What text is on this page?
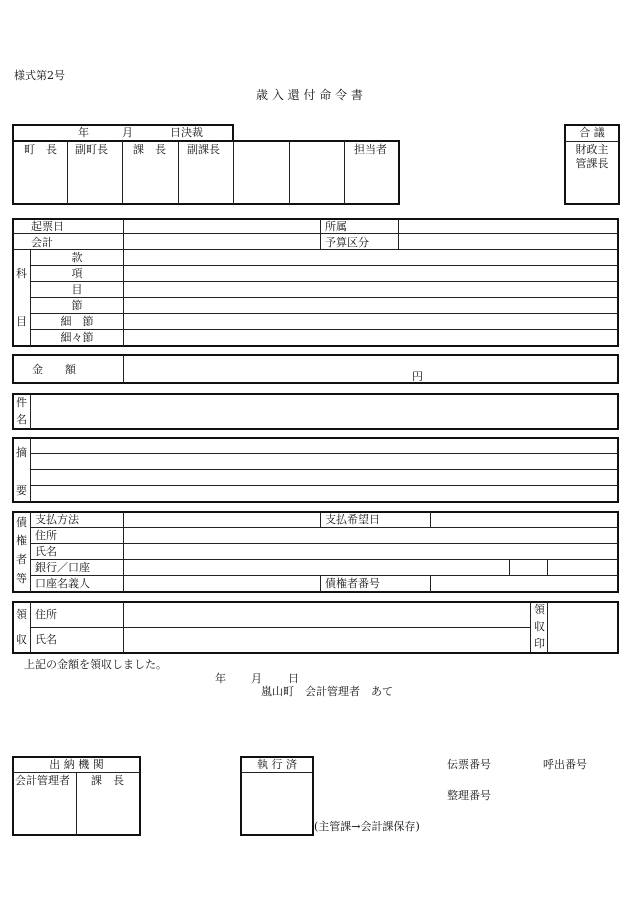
様式第2号
歳 入 還 付 命 令 書
年	月	日決裁
町　長 副町長 課　長 副課長	担当者
合 議
財政主
管課長
起票日	所属
会計	予算区分
科
目
款
項
目
節
細　節
細々節
金　　額
円
件
名
摘
要
債
権
者
等
支払方法	支払希望日
住所
氏名
銀行／口座
口座名義人	債権者番号
領
収
住所
氏名
領
収
印
上記の金額を領収しました。
年 月 日
嵐山町　会計管理者　あて
出 納 機 関
会計管理者 課　長
執 行 済
(主管課→会計課保存)
伝票番号	呼出番号
整理番号
